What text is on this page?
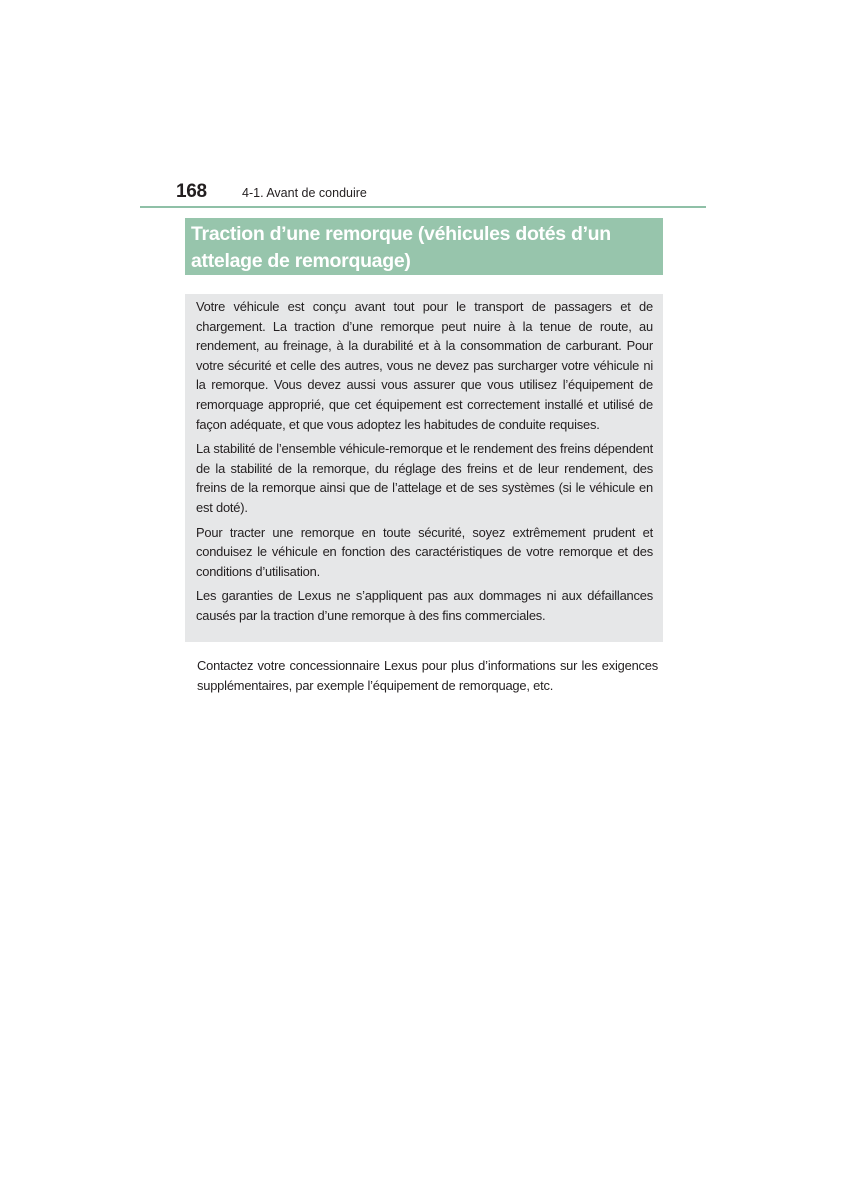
168	4-1. Avant de conduire
Traction d’une remorque (véhicules dotés d’un
attelage de remorquage)

Votre véhicule est conçu avant tout pour le transport de passagers et de chargement. La traction d’une remorque peut nuire à la tenue de route, au rendement, au freinage, à la durabilité et à la consommation de carburant. Pour votre sécurité et celle des autres, vous ne devez pas surcharger votre véhicule ni la remorque. Vous devez aussi vous assurer que vous utilisez l’équipement de remorquage approprié, que cet équipement est correctement installé et utilisé de façon adéquate, et que vous adoptez les habitudes de conduite requises.

La stabilité de l’ensemble véhicule-remorque et le rendement des freins dépendent de la stabilité de la remorque, du réglage des freins et de leur rendement, des freins de la remorque ainsi que de l’attelage et de ses systèmes (si le véhicule en est doté).

Pour tracter une remorque en toute sécurité, soyez extrêmement prudent et conduisez le véhicule en fonction des caractéristiques de votre remorque et des conditions d’utilisation.

Les garanties de Lexus ne s’appliquent pas aux dommages ni aux défaillances causés par la traction d’une remorque à des fins commerciales.

Contactez votre concessionnaire Lexus pour plus d’informations sur les exigences supplémentaires, par exemple l’équipement de remorquage, etc.
